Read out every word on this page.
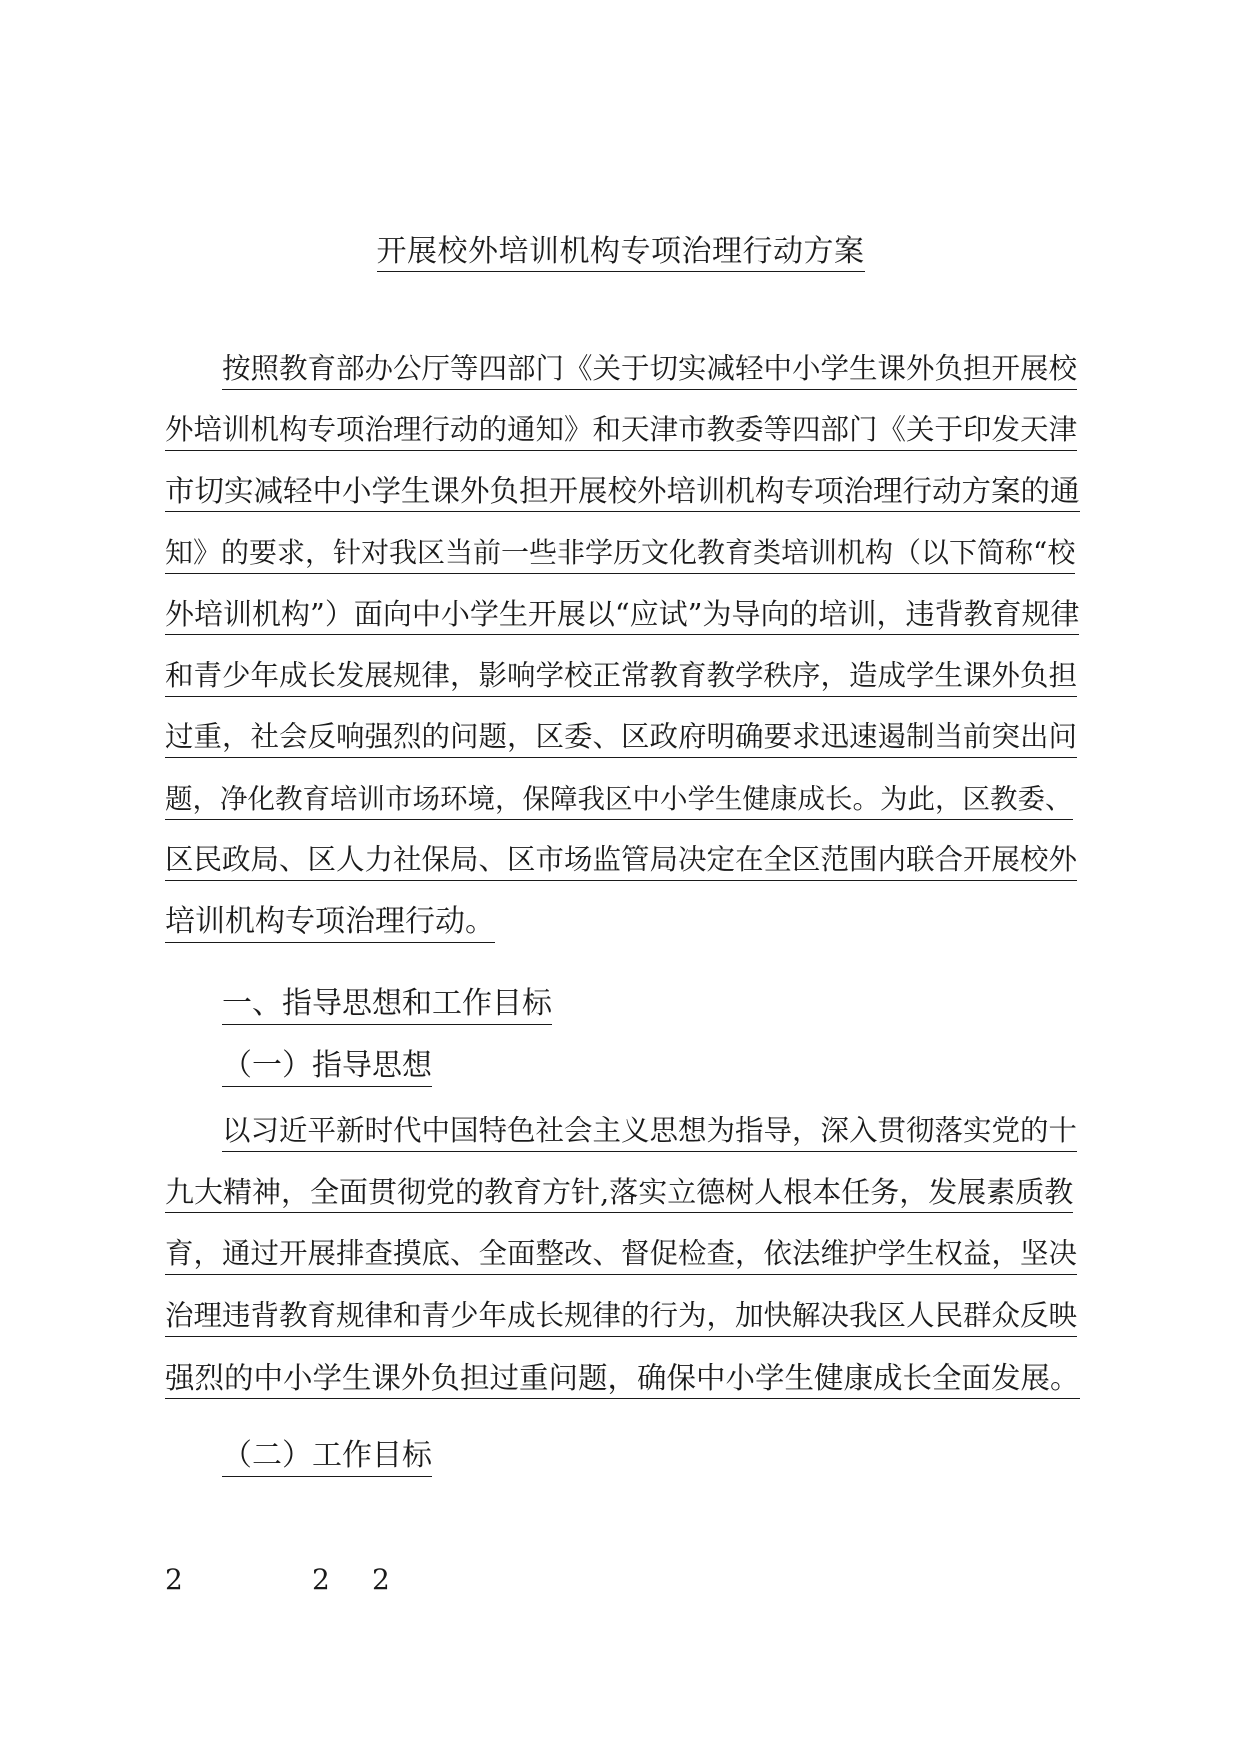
开展校外培训机构专项治理行动方案
按照教育部办公厅等四部门《关于切实减轻中小学生课外负担开展校
外培训机构专项治理行动的通知》和天津市教委等四部门《关于印发天津
市切实减轻中小学生课外负担开展校外培训机构专项治理行动方案的通
知》的要求，针对我区当前一些非学历文化教育类培训机构（以下简称“校
外培训机构”）面向中小学生开展以“应试”为导向的培训，违背教育规律
和青少年成长发展规律，影响学校正常教育教学秩序，造成学生课外负担
过重，社会反响强烈的问题，区委、区政府明确要求迅速遏制当前突出问
题，净化教育培训市场环境，保障我区中小学生健康成长。为此，区教委、
区民政局、区人力社保局、区市场监管局决定在全区范围内联合开展校外
培训机构专项治理行动。
一、指导思想和工作目标
（一）指导思想
以习近平新时代中国特色社会主义思想为指导，深入贯彻落实党的十
九大精神，全面贯彻党的教育方针,落实立德树人根本任务，发展素质教
育，通过开展排查摸底、全面整改、督促检查，依法维护学生权益，坚决
治理违背教育规律和青少年成长规律的行为，加快解决我区人民群众反映
强烈的中小学生课外负担过重问题，确保中小学生健康成长全面发展。
（二）工作目标
2	2 2
